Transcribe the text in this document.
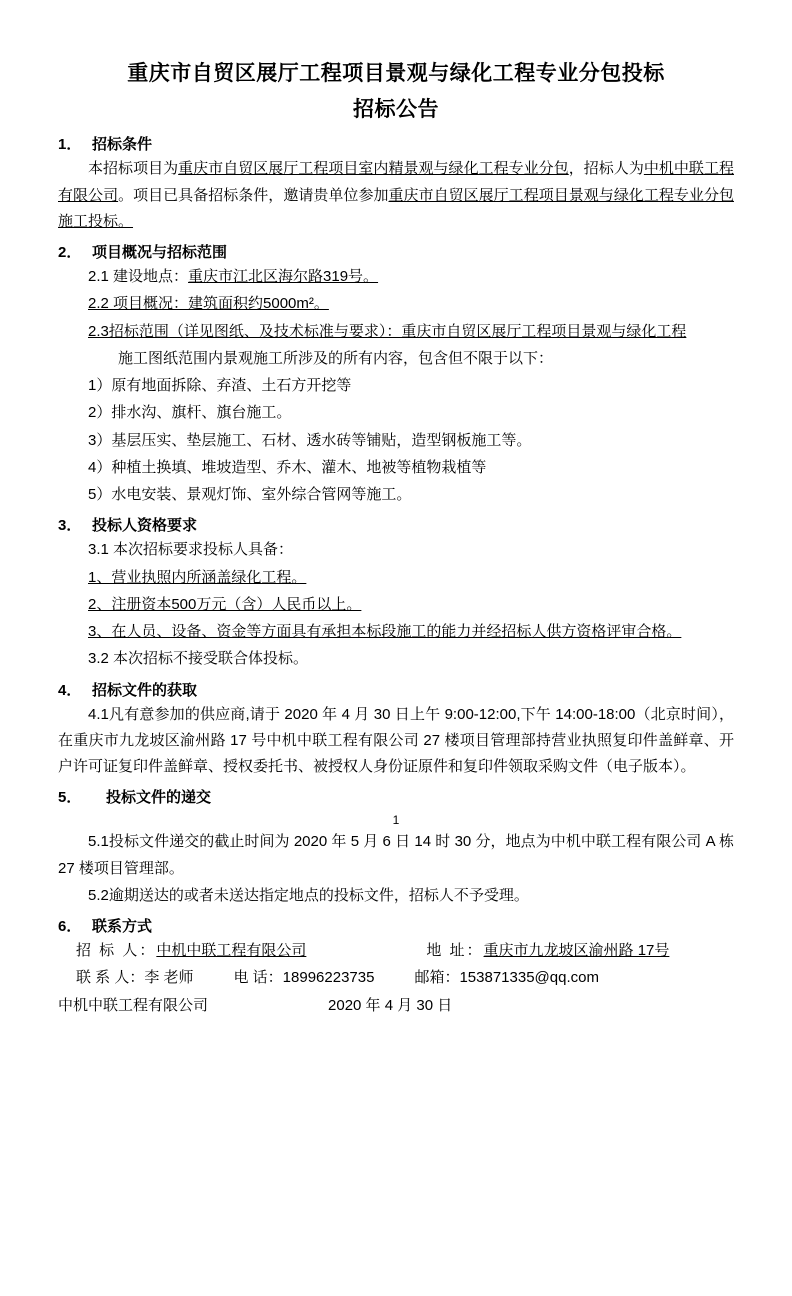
重庆市自贸区展厅工程项目景观与绿化工程专业分包投标
招标公告
1． 招标条件

本招标项目为重庆市自贸区展厅工程项目室内精景观与绿化工程专业分包，招标人为中机中联工程有限公司。项目已具备招标条件，邀请贵单位参加重庆市自贸区展厅工程项目景观与绿化工程专业分包施工投标。

2． 项目概况与招标范围

2.1 建设地点：重庆市江北区海尔路319号。

2.2 项目概况：建筑面积约5000m²。

2.3招标范围（详见图纸、及技术标准与要求）：重庆市自贸区展厅工程项目景观与绿化工程

施工图纸范围内景观施工所涉及的所有内容，包含但不限于以下：

1）原有地面拆除、弃渣、土石方开挖等

2）排水沟、旗杆、旗台施工。

3）基层压实、垫层施工、石材、透水砖等铺贴，造型钢板施工等。

4）种植土换填、堆坡造型、乔木、灌木、地被等植物栽植等

5）水电安装、景观灯饰、室外综合管网等施工。

3． 投标人资格要求

3.1 本次招标要求投标人具备：

1、营业执照内所涵盖绿化工程。

2、注册资本500万元（含）人民币以上。

3、在人员、设备、资金等方面具有承担本标段施工的能力并经招标人供方资格评审合格。

3.2 本次招标不接受联合体投标。

4． 招标文件的获取

4.1凡有意参加的供应商,请于 2020 年 4 月 30 日上午 9:00-12:00,下午 14:00-18:00（北京时间），在重庆市九龙坡区渝州路 17 号中机中联工程有限公司 27 楼项目管理部持营业执照复印件盖鲜章、开户许可证复印件盖鲜章、授权委托书、被授权人身份证原件和复印件领取采购文件（电子版本）。

5．	投标文件的递交
1

5.1投标文件递交的截止时间为 2020 年 5 月 6 日 14 时 30 分，地点为中机中联工程有限公司 A 栋 27 楼项目管理部。

5.2逾期送达的或者未送达指定地点的投标文件，招标人不予受理。

6． 联系方式

招 标 人：中机中联工程有限公司	地 址：重庆市九龙坡区渝州路 17号

联 系 人：李 老师	电 话：18996223735	邮箱：153871335@qq.com

中机中联工程有限公司	2020 年 4 月 30 日
